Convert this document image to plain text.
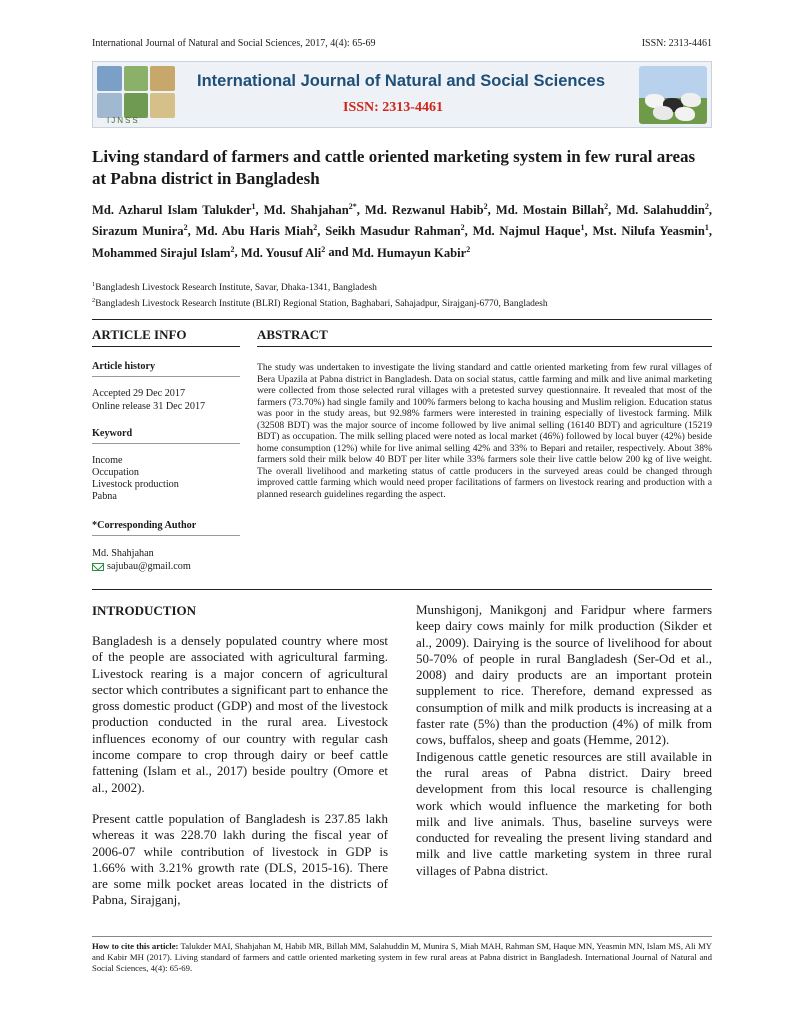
International Journal of Natural and Social Sciences, 2017, 4(4): 65-69	ISSN: 2313-4461
IJNSS
International Journal of Natural and Social Sciences
ISSN: 2313-4461
Living standard of farmers and cattle oriented marketing system in few rural areas at Pabna district in Bangladesh
Md. Azharul Islam Talukder$^1$, Md. Shahjahan$^{2*}$, Md. Rezwanul Habib$^2$, Md. Mostain Billah$^2$, Md. Salahuddin$^2$, Sirazum Munira$^2$, Md. Abu Haris Miah$^2$, Seikh Masudur Rahman$^2$, Md. Najmul Haque$^1$, Mst. Nilufa Yeasmin$^1$, Mohammed Sirajul Islam$^2$, Md. Yousuf Ali$^2$ and Md. Humayun Kabir$^2$
$^1$Bangladesh Livestock Research Institute, Savar, Dhaka-1341, Bangladesh
$^2$Bangladesh Livestock Research Institute (BLRI) Regional Station, Baghabari, Sahajadpur, Sirajganj-6770, Bangladesh
ARTICLE INFO
Article history
Accepted 29 Dec 2017
Online release 31 Dec 2017
Keyword
Income
Occupation
Livestock production
Pabna
*Corresponding Author
Md. Shahjahan
sajubau@gmail.com
ABSTRACT
The study was undertaken to investigate the living standard and cattle oriented marketing from few rural villages of Bera Upazila at Pabna district in Bangladesh. Data on social status, cattle farming and milk and live animal marketing were collected from those selected rural villages with a pretested survey questionnaire. It revealed that most of the farmers (73.70%) had single family and 100% farmers belong to kacha housing and Muslim religion. Education status was poor in the study areas, but 92.98% farmers were interested in training especially of livestock farming. Milk (32508 BDT) was the major source of income followed by live animal selling (16140 BDT) and agriculture (15219 BDT) as occupation. The milk selling placed were noted as local market (46%) followed by local buyer (42%) beside home consumption (12%) while for live animal selling 42% and 33% to Bepari and retailer, respectively. About 38% farmers sold their milk below 40 BDT per liter while 33% farmers sole their live cattle below 200 kg of live weight. The overall livelihood and marketing status of cattle producers in the surveyed areas could be changed through improved cattle farming which would need proper facilitations of farmers on livestock rearing and production with a planned research guidelines regarding the aspect.
INTRODUCTION

Bangladesh is a densely populated country where most of the people are associated with agricultural farming. Livestock rearing is a major concern of agricultural sector which contributes a significant part to enhance the gross domestic product (GDP) and most of the livestock production conducted in the rural area. Livestock influences economy of our country with regular cash income compare to crop through dairy or beef cattle fattening (Islam et al., 2017) beside poultry (Omore et al., 2002).

Present cattle population of Bangladesh is 237.85 lakh whereas it was 228.70 lakh during the fiscal year of 2006-07 while contribution of livestock in GDP is 1.66% with 3.21% growth rate (DLS, 2015-16). There are some milk pocket areas located in the districts of Pabna, Sirajganj,

Munshigonj, Manikgonj and Faridpur where farmers keep dairy cows mainly for milk production (Sikder et al., 2009). Dairying is the source of livelihood for about 50-70% of people in rural Bangladesh (Ser-Od et al., 2008) and dairy products are an important protein supplement to rice. Therefore, demand expressed as consumption of milk and milk products is increasing at a faster rate (5%) than the production (4%) of milk from cows, buffalos, sheep and goats (Hemme, 2012).

Indigenous cattle genetic resources are still available in the rural areas of Pabna district. Dairy breed development from this local resource is challenging work which would influence the marketing for both milk and live animals. Thus, baseline surveys were conducted for revealing the present living standard and milk and live cattle marketing system in three rural villages of Pabna district.

How to cite this article: Talukder MAI, Shahjahan M, Habib MR, Billah MM, Salahuddin M, Munira S, Miah MAH, Rahman SM, Haque MN, Yeasmin MN, Islam MS, Ali MY and Kabir MH (2017). Living standard of farmers and cattle oriented marketing system in few rural areas at Pabna district in Bangladesh. International Journal of Natural and Social Sciences, 4(4): 65-69.
